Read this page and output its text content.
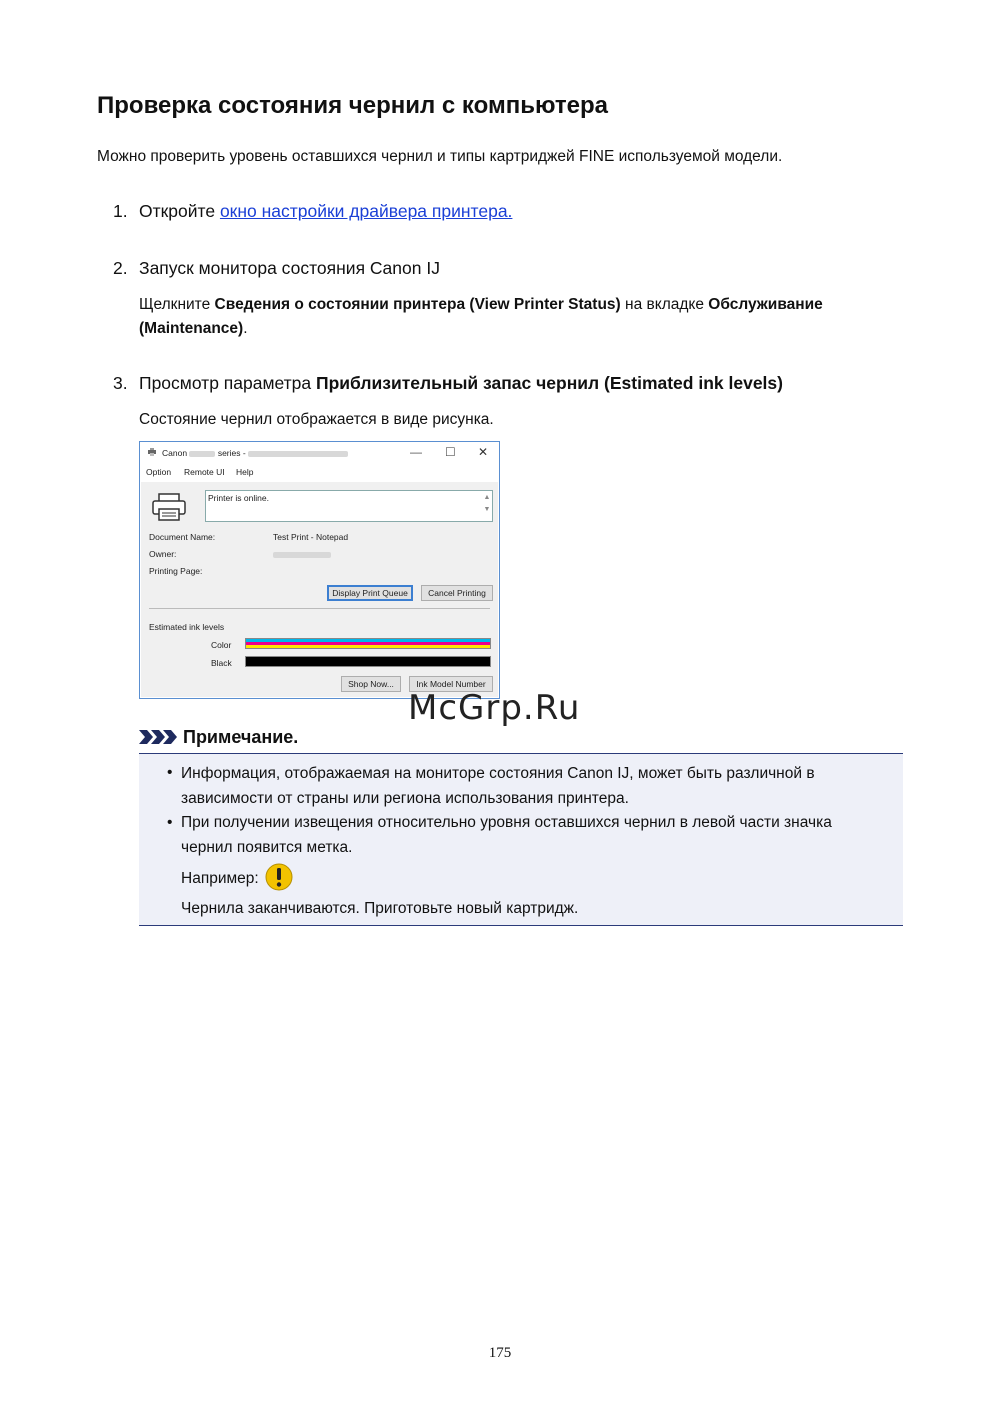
Проверка состояния чернил с компьютера
Можно проверить уровень оставшихся чернил и типы картриджей FINE используемой модели.
1. Откройте окно настройки драйвера принтера.
2. Запуск монитора состояния Canon IJ
Щелкните Сведения о состоянии принтера (View Printer Status) на вкладке Обслуживание
(Maintenance).
3. Просмотр параметра Приблизительный запас чернил (Estimated ink levels)
Состояние чернил отображается в виде рисунка.
Canon	series -	— ☐ ✕
Option Remote UI Help
Printer is online.	▲
▼
Document Name:	Test Print - Notepad
Owner:
Printing Page:
Display Print Queue	Cancel Printing
Estimated ink levels
Color
Black
Shop Now...	Ink Model Number
McGrp.Ru
Примечание.
• Информация, отображаемая на мониторе состояния Canon IJ, может быть различной в зависимости от страны или региона использования принтера.
• При получении извещения относительно уровня оставшихся чернил в левой части значка чернил появится метка.
Например:
Чернила заканчиваются. Приготовьте новый картридж.
175
